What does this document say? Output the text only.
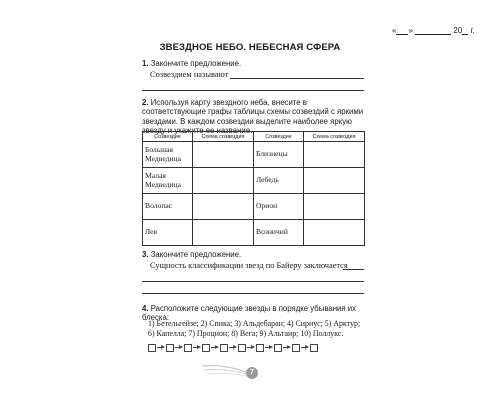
« »	20 г.
ЗВЕЗДНОЕ НЕБО. НЕБЕСНАЯ СФЕРА
1. Закончите предложение.
Созвездием называют
2. Используя карту звездного неба, внесите в соответствующие графы таблицы схемы созвездий с яркими звездами. В каждом созвездии выделите наиболее яркую звезду и укажите ее название.
Созвездие	Схема созвездия	Созвездие	Схема созвездия
Большая Медведица		Близнецы	
Малая Медведица		Лебедь	
Волопас		Орион	
Лев		Возничий	
3. Закончите предложение.
Сущность классификации звезд по Байеру заключается
4. Расположите следующие звезды в порядке убывания их блеска:
1) Бетельгейзе; 2) Спика; 3) Альдебаран; 4) Сириус; 5) Арктур;
6) Капелла; 7) Процион; 8) Вега; 9) Альтаир; 10) Поллукс.
7
